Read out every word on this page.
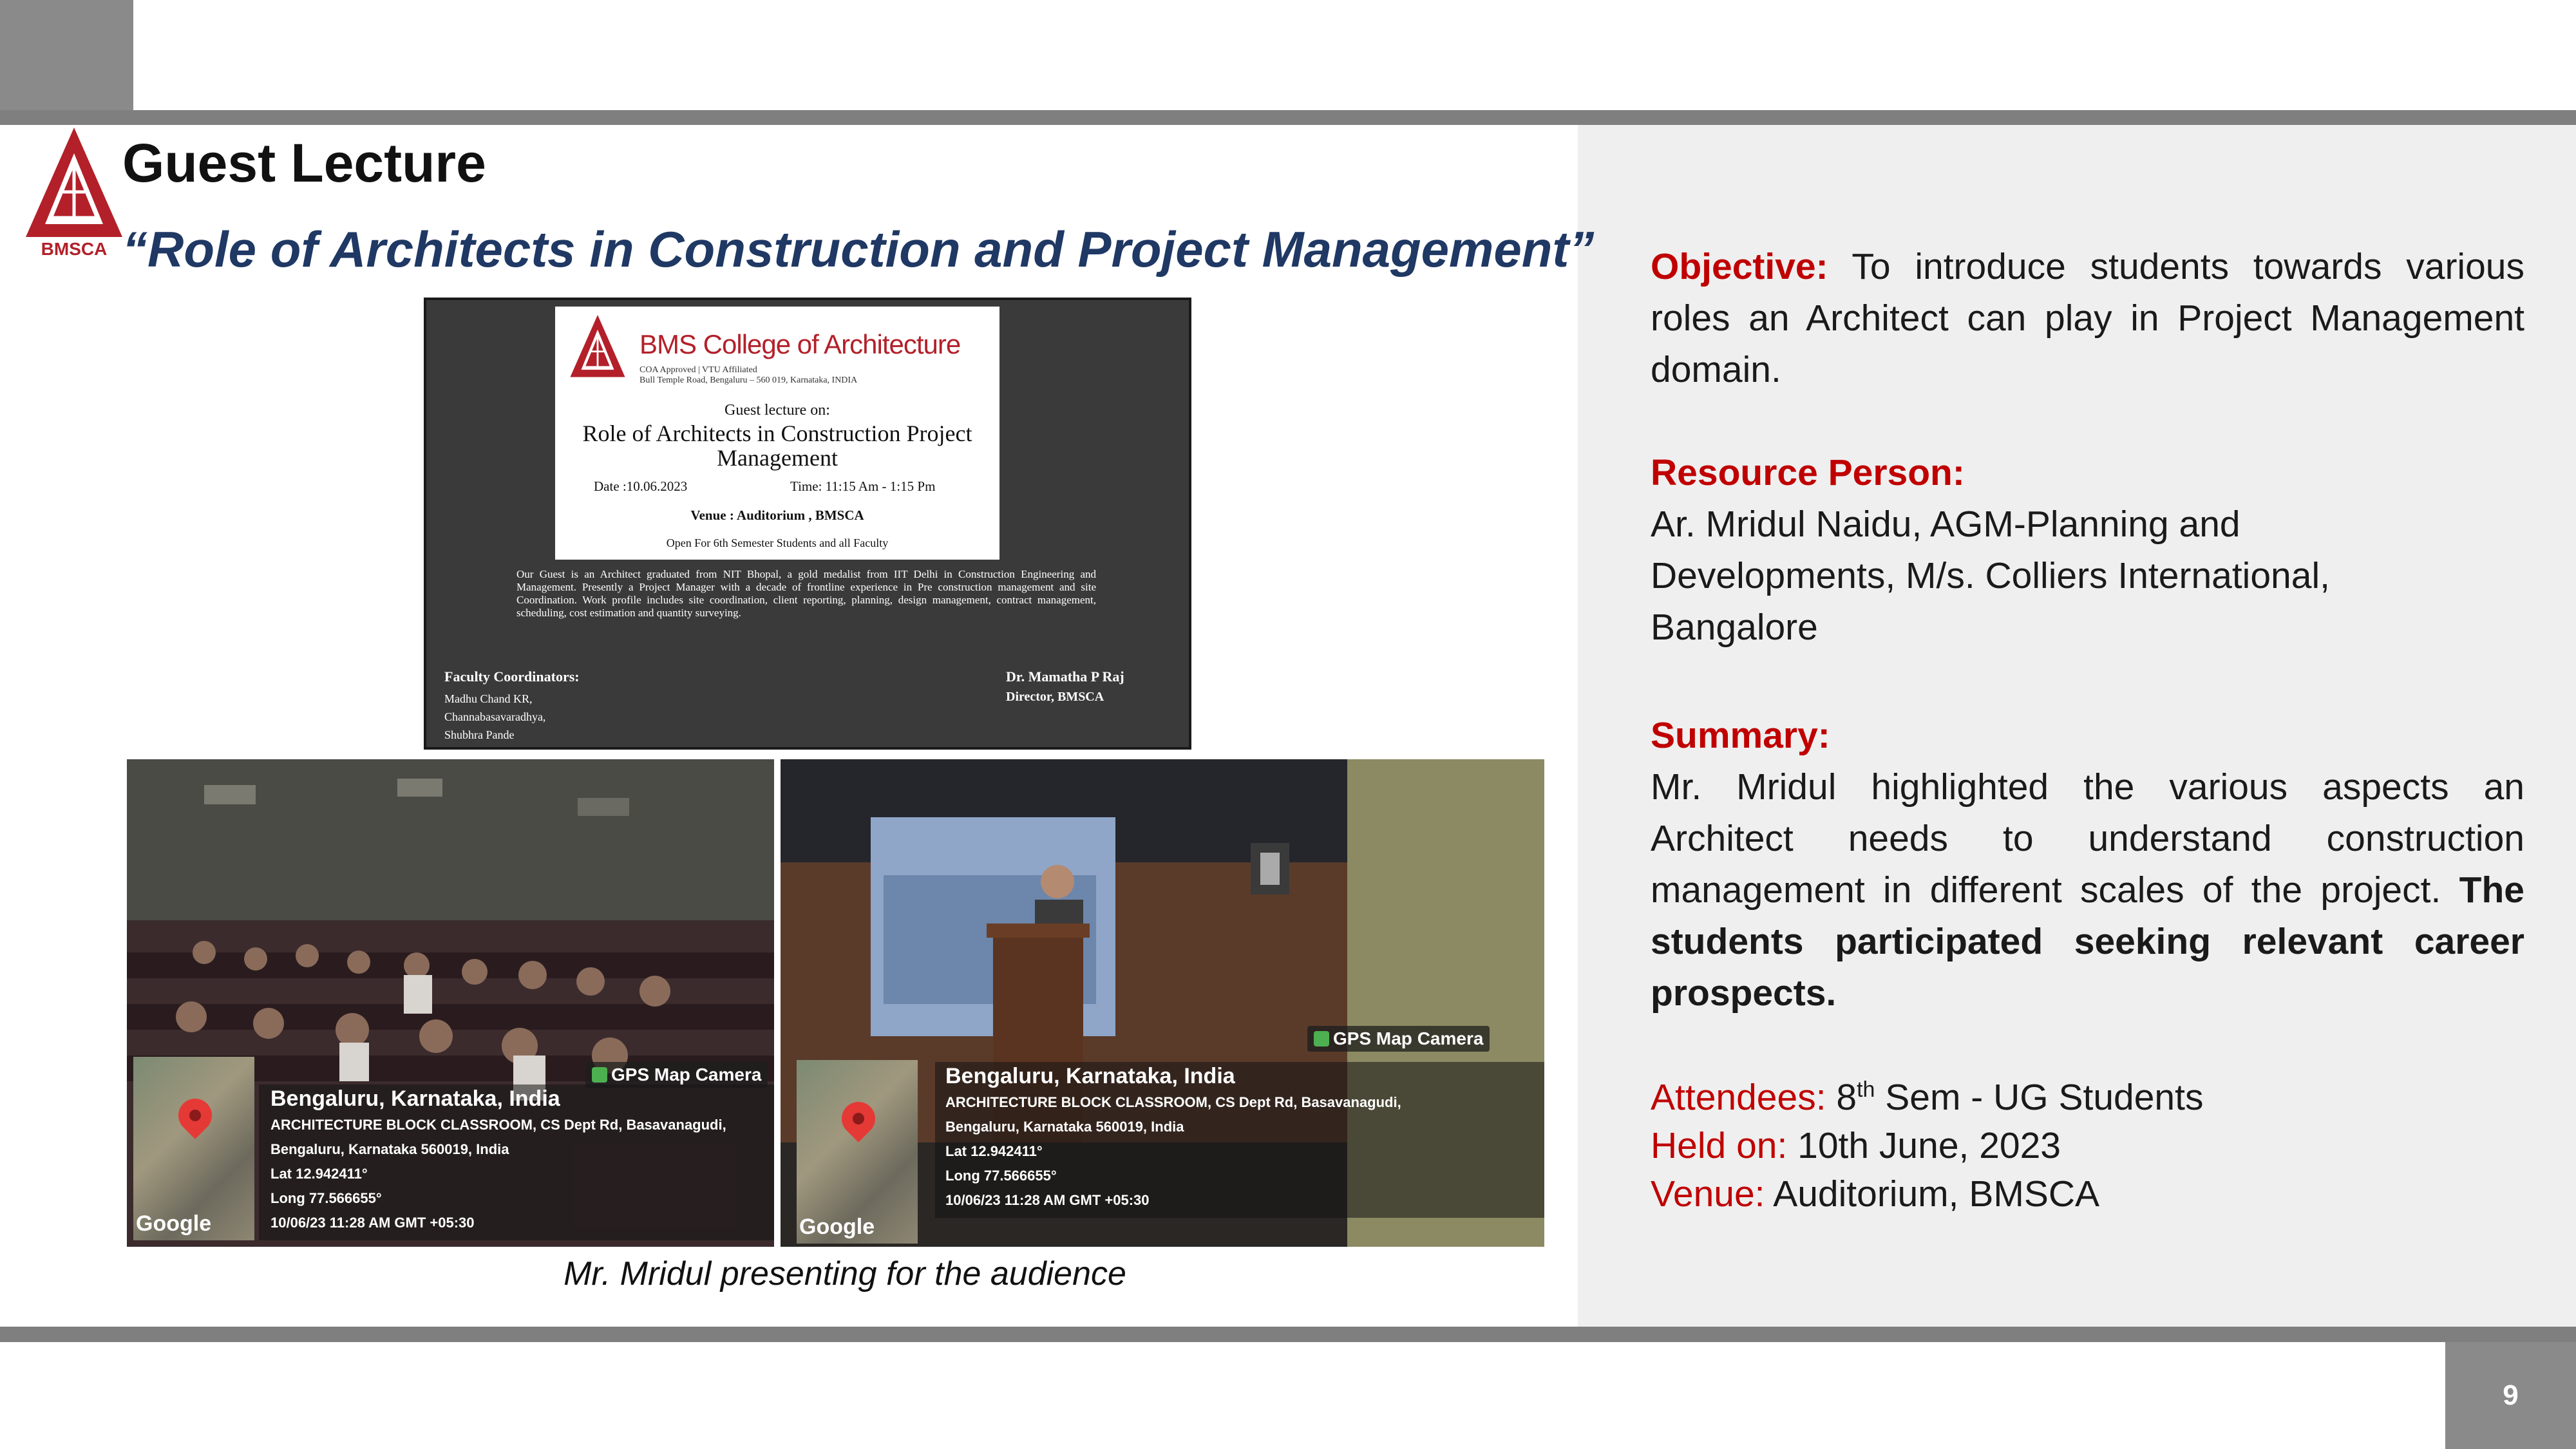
9
BMSCA
Guest Lecture
“Role of Architects in Construction and Project Management”
BMS College of Architecture
COA Approved | VTU Affiliated
Bull Temple Road, Bengaluru – 560 019, Karnataka, INDIA
Guest lecture on:
Role of Architects in Construction Project
Management
Date :10.06.2023	Time: 11:15 Am - 1:15 Pm
Venue : Auditorium , BMSCA
Open For 6th Semester Students and all Faculty
Our Guest is an Architect graduated from NIT Bhopal, a gold medalist from IIT Delhi in Construction Engineering and Management. Presently a Project Manager with a decade of frontline experience in Pre construction management and site Coordination. Work profile includes site coordination, client reporting, planning, design management, contract management, scheduling, cost estimation and quantity surveying.
Faculty Coordinators:
Madhu Chand KR,
Channabasavaradhya,
Shubhra Pande
Dr. Mamatha P Raj
Director, BMSCA
GPS Map Camera
Google
Bengaluru, Karnataka, India
ARCHITECTURE BLOCK CLASSROOM, CS Dept Rd, Basavanagudi,
Bengaluru, Karnataka 560019, India
Lat 12.942411°
Long 77.566655°
10/06/23 11:28 AM GMT +05:30
GPS Map Camera
Google
Bengaluru, Karnataka, India
ARCHITECTURE BLOCK CLASSROOM, CS Dept Rd, Basavanagudi,
Bengaluru, Karnataka 560019, India
Lat 12.942411°
Long 77.566655°
10/06/23 11:28 AM GMT +05:30
Mr. Mridul presenting for the audience
Objective: To introduce students towards various roles an Architect can play in Project Management domain.
Resource Person:
Ar. Mridul Naidu, AGM-Planning and
Developments, M/s. Colliers International,
Bangalore
Summary:
Mr. Mridul highlighted the various aspects an Architect needs to understand construction management in different scales of the project. The students participated seeking relevant career prospects.
Attendees: 8th Sem - UG Students
Held on: 10th June, 2023
Venue: Auditorium, BMSCA
